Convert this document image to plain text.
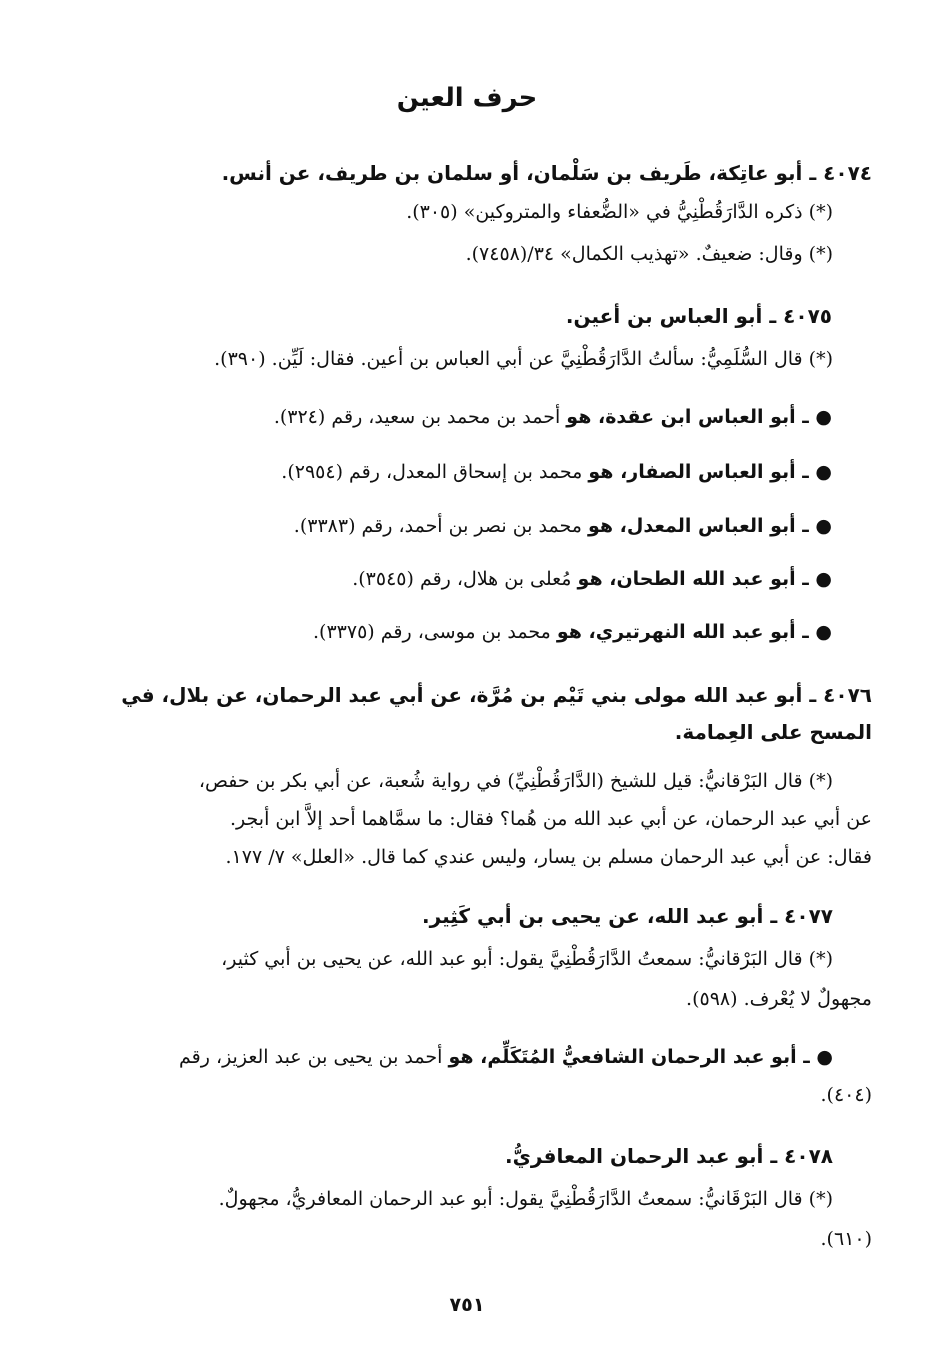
حرف العين
٤٠٧٤ ـ أبو عاتِكة، طَريف بن سَلْمان، أو سلمان بن طريف، عن أنس.
(*) ذكره الدَّارَقُطْنِيُّ في «الضُّعفاء والمتروكين» (٣٠٥).
(*) وقال: ضعيفٌ. «تهذيب الكمال» ٣٤/(٧٤٥٨).
٤٠٧٥ ـ أبو العباس بن أعين.
(*) قال السُّلَمِيُّ: سألتُ الدَّارَقُطْنِيَّ عن أبي العباس بن أعين. فقال: لَيِّن. (٣٩٠).
● ـ أبو العباس ابن عقدة، هو أحمد بن محمد بن سعيد، رقم (٣٢٤).
● ـ أبو العباس الصفار، هو محمد بن إسحاق المعدل، رقم (٢٩٥٤).
● ـ أبو العباس المعدل، هو محمد بن نصر بن أحمد، رقم (٣٣٨٣).
● ـ أبو عبد الله الطحان، هو مُعلى بن هلال، رقم (٣٥٤٥).
● ـ أبو عبد الله النهرتيري، هو محمد بن موسى، رقم (٣٣٧٥).
٤٠٧٦ ـ أبو عبد الله مولى بني تَيْم بن مُرَّة، عن أبي عبد الرحمان، عن بلال، في
المسح على العِمامة.
(*) قال البَرْقانيُّ: قيل للشيخ (الدَّارَقُطْنِيِّ) في رواية شُعبة، عن أبي بكر بن حفص،
عن أبي عبد الرحمان، عن أبي عبد الله من هُما؟ فقال: ما سمَّاهما أحد إلاَّ ابن أبجر.
فقال: عن أبي عبد الرحمان مسلم بن يسار، وليس عندي كما قال. «العلل» ٧/ ١٧٧.
٤٠٧٧ ـ أبو عبد الله، عن يحيى بن أبي كَثِير.
(*) قال البَرْقانيُّ: سمعتُ الدَّارَقُطْنِيَّ يقول: أبو عبد الله، عن يحيى بن أبي كثير،
مجهولٌ لا يُعْرف. (٥٩٨).
● ـ أبو عبد الرحمان الشافعيُّ المُتَكَلِّم، هو أحمد بن يحيى بن عبد العزيز، رقم
(٤٠٤).
٤٠٧٨ ـ أبو عبد الرحمان المعافريُّ.
(*) قال البَرْقَانيُّ: سمعتُ الدَّارَقُطْنِيَّ يقول: أبو عبد الرحمان المعافريُّ، مجهولٌ.
(٦١٠).
٧٥١
